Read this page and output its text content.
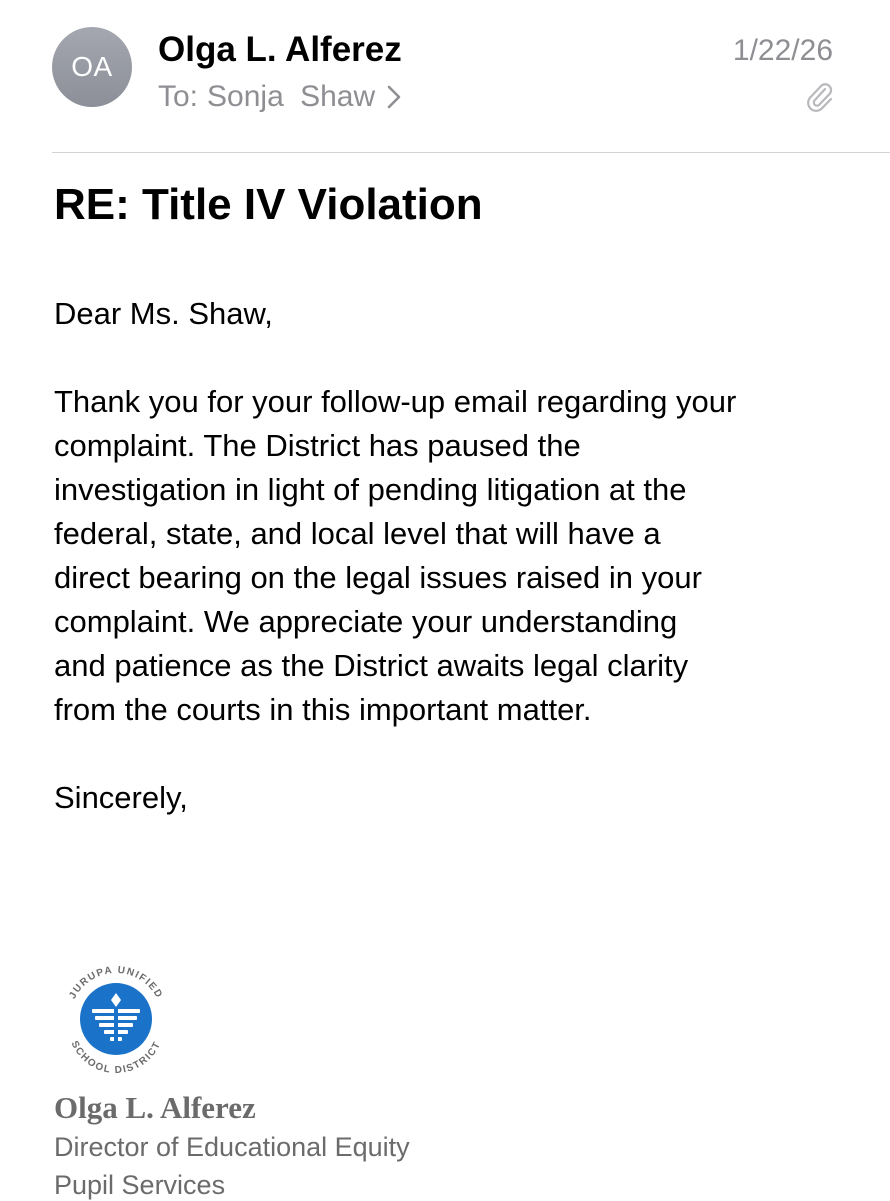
OA Olga L. Alferez
To: Sonja Shaw
1/22/26
RE: Title IV Violation
Dear Ms. Shaw,
Thank you for your follow-up email regarding your
complaint. The District has paused the
investigation in light of pending litigation at the
federal, state, and local level that will have a
direct bearing on the legal issues raised in your
complaint. We appreciate your understanding
and patience as the District awaits legal clarity
from the courts in this important matter.
Sincerely,
JURUPA UNIFIED
SCHOOL DISTRICT
Olga L. Alferez
Director of Educational Equity
Pupil Services
